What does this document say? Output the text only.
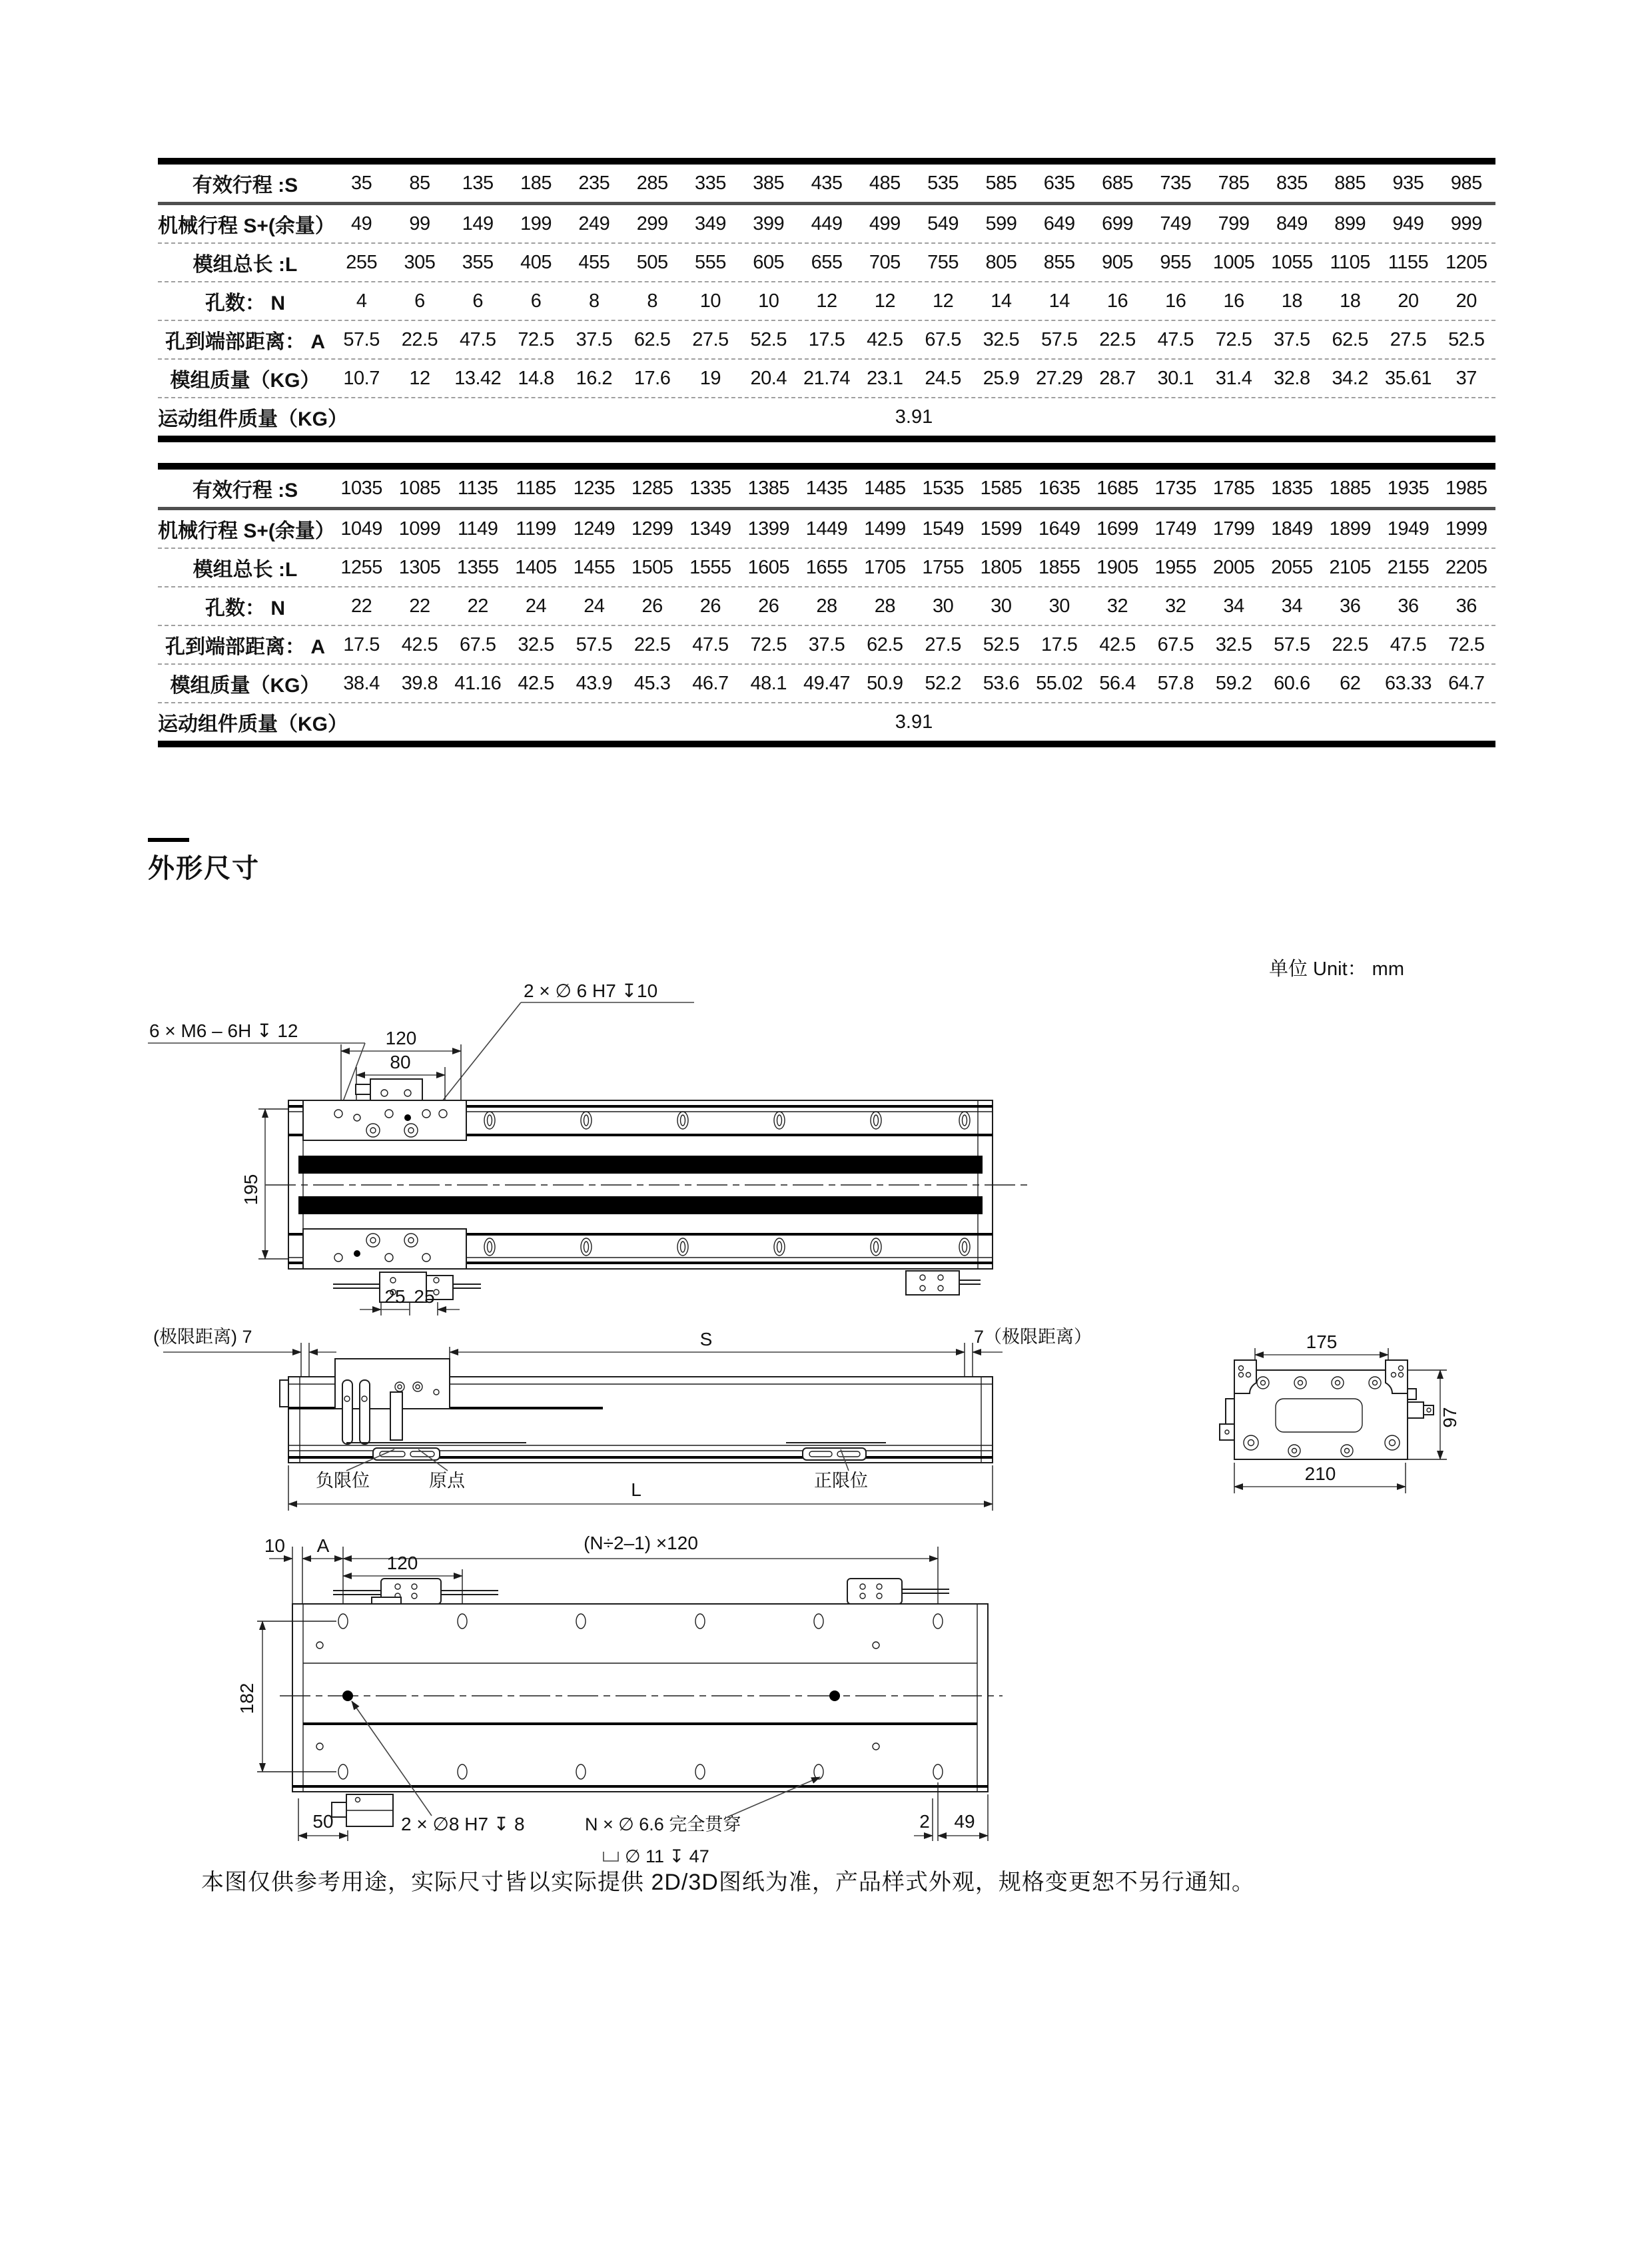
有效行程 :S	35	85	135	185	235	285	335	385	435	485	535	585	635	685	735	785	835	885	935	985
机械行程 S+(余量） 49	99	149	199	249	299	349	399	449	499	549	599	649	699	749	799	849	899	949	999
模组总长 :L	255	305	355	405	455	505	555	605	655	705	755	805	855	905	955	1005 1055 1105 1155 1205
孔数： N	4	6	6	6	8	8	10	10	12	12	12	14	14	16	16	16	18	18	20	20
孔到端部距离： A 57.5	22.5	47.5	72.5	37.5	62.5	27.5	52.5	17.5	42.5	67.5	32.5	57.5	22.5	47.5	72.5	37.5	62.5	27.5	52.5
模组质量（KG）	10.7	12	13.42 14.8	16.2	17.6	19	20.4 21.74 23.1	24.5	25.9 27.29 28.7	30.1	31.4	32.8	34.2 35.61	37
运动组件质量（KG）	3.91
有效行程 :S	1035 1085 1135 1185 1235 1285 1335 1385 1435 1485 1535 1585 1635 1685 1735 1785 1835 1885 1935 1985
机械行程 S+(余量） 1049 1099 1149 1199 1249 1299 1349 1399 1449 1499 1549 1599 1649 1699 1749 1799 1849 1899 1949 1999
模组总长 :L	1255 1305 1355 1405 1455 1505 1555 1605 1655 1705 1755 1805 1855 1905 1955 2005 2055 2105 2155 2205
孔数： N	22	22	22	24	24	26	26	26	28	28	30	30	30	32	32	34	34	36	36	36
孔到端部距离： A 17.5	42.5	67.5	32.5	57.5	22.5	47.5	72.5	37.5	62.5	27.5	52.5	17.5	42.5	67.5	32.5	57.5	22.5	47.5	72.5
模组质量（KG）	38.4	39.8 41.16 42.5	43.9	45.3	46.7	48.1 49.47 50.9	52.2	53.6 55.02 56.4	57.8	59.2	60.6	62	63.33 64.7
运动组件质量（KG）	3.91
外形尺寸
单位 Unit： mm
2 × ∅ 6 H7 ↧10
6 × M6 – 6H ↧ 12	120
80
195
25 25
(极限距离) 7	7（极限距离）
S
负限位	原点	正限位
L
175
97
210
10 A	(N÷2–1) ×120
120
182
50	2 × ∅8 H7 ↧ 8	N × ∅ 6.6 完全贯穿
∅ 11 ↧ 47
2 49
本图仅供参考用途，实际尺寸皆以实际提供 2D/3D图纸为准，产品样式外观，规格变更恕不另行通知。
